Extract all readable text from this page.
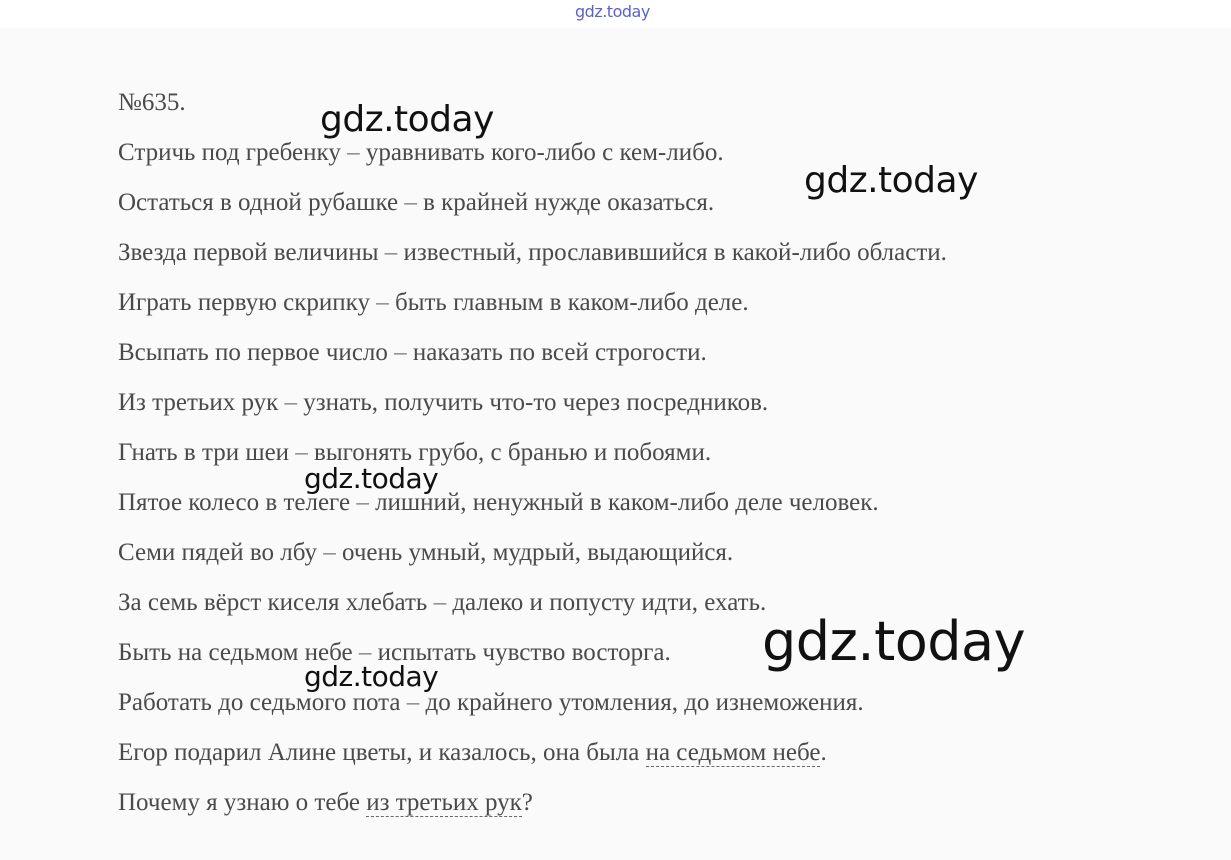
gdz.today
№635.
Стричь под гребенку – уравнивать кого-либо с кем-либо.
Остаться в одной рубашке – в крайней нужде оказаться.
Звезда первой величины – известный, прославившийся в какой-либо области.
Играть первую скрипку – быть главным в каком-либо деле.
Всыпать по первое число – наказать по всей строгости.
Из третьих рук – узнать, получить что-то через посредников.
Гнать в три шеи – выгонять грубо, с бранью и побоями.
Пятое колесо в телеге – лишний, ненужный в каком-либо деле человек.
Семи пядей во лбу – очень умный, мудрый, выдающийся.
За семь вёрст киселя хлебать – далеко и попусту идти, ехать.
Быть на седьмом небе – испытать чувство восторга.
Работать до седьмого пота – до крайнего утомления, до изнеможения.
Егор подарил Алине цветы, и казалось, она была на седьмом небе.
Почему я узнаю о тебе из третьих рук?
gdz.today
gdz.today
gdz.today
gdz.today
gdz.today
